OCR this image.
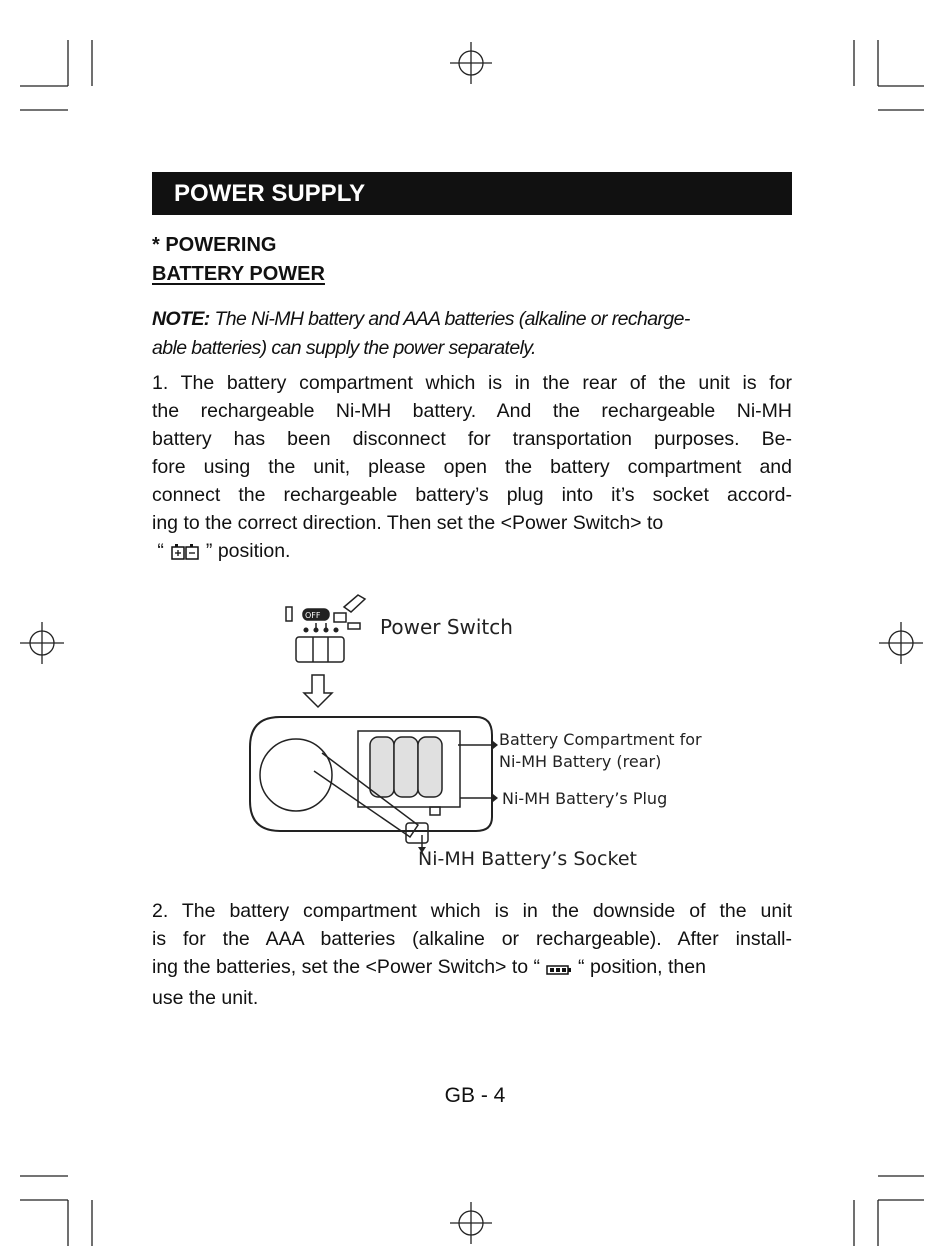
POWER SUPPLY
* POWERING
BATTERY POWER
NOTE: The Ni-MH battery and AAA batteries (alkaline or recharge-
able batteries) can supply the power separately.
1. The battery compartment which is in the rear of the unit is for
the rechargeable Ni-MH battery. And the rechargeable Ni-MH
battery has been disconnect for transportation purposes. Be-
fore using the unit, please open the battery compartment and
connect the rechargeable battery’s plug into it’s socket accord-
ing to the correct direction. Then set the <Power Switch> to
“ ” position.
OFF	Power Switch
Battery Compartment for
Ni-MH Battery (rear)
Ni-MH Battery’s Plug
Ni-MH Battery’s Socket
2. The battery compartment which is in the downside of the unit
is for the AAA batteries (alkaline or rechargeable). After install-
ing the batteries, set the <Power Switch> to “ “ position, then
use the unit.
GB - 4
